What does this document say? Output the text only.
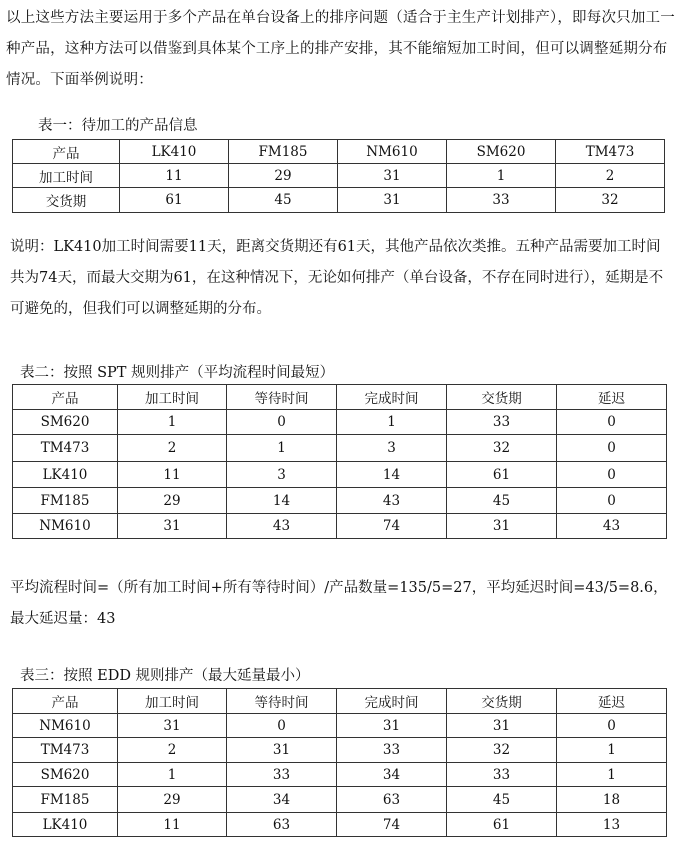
以上这些方法主要运用于多个产品在单台设备上的排序问题（适合于主生产计划排产），即每次只加工一种产品，这种方法可以借鉴到具体某个工序上的排产安排，其不能缩短加工时间，但可以调整延期分布情况。下面举例说明：

表一：待加工的产品信息

产品	LK410	FM185	NM610	SM620	TM473
加工时间	11	29	31	1	2
交货期	61	45	31	33	32

说明：LK410加工时间需要11天，距离交货期还有61天，其他产品依次类推。五种产品需要加工时间共为74天，而最大交期为61，在这种情况下，无论如何排产（单台设备，不存在同时进行），延期是不可避免的，但我们可以调整延期的分布。

表二：按照 SPT 规则排产（平均流程时间最短）

产品	加工时间	等待时间	完成时间	交货期	延迟
SM620	1	0	1	33	0
TM473	2	1	3	32	0
LK410	11	3	14	61	0
FM185	29	14	43	45	0
NM610	31	43	74	31	43

平均流程时间=（所有加工时间+所有等待时间）/产品数量=135/5=27，平均延迟时间=43/5=8.6，最大延迟量：43

表三：按照 EDD 规则排产（最大延量最小）

产品	加工时间	等待时间	完成时间	交货期	延迟
NM610	31	0	31	31	0
TM473	2	31	33	32	1
SM620	1	33	34	33	1
FM185	29	34	63	45	18
LK410	11	63	74	61	13
